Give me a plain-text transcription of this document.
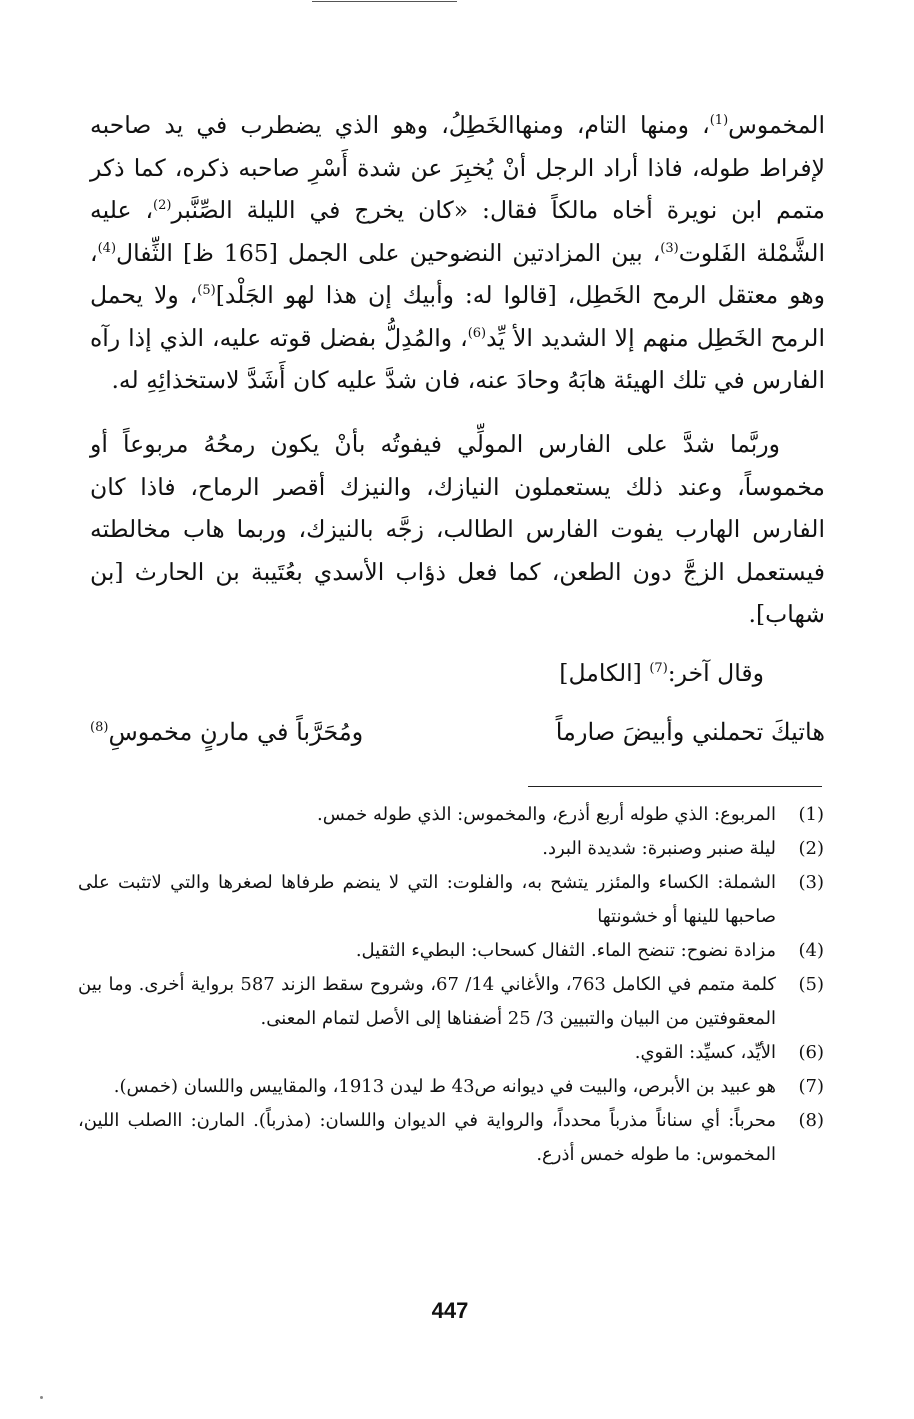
المخموس$^{(1)}$، ومنها التام، ومنهاالخَطِلُ، وهو الذي يضطرب في يد صاحبه لإفراط طوله، فاذا أراد الرجل أنْ يُخبِرَ عن شدة أَسْرِ صاحبه ذكره، كما ذكر متمم ابن نويرة أخاه مالكاً فقال: «كان يخرج في الليلة الصِّنَّبر$^{(2)}$، عليه الشَّمْلة الفَلوت$^{(3)}$، بين المزادتين النضوحين على الجمل [165 ظ] الثِّفال$^{(4)}$، وهو معتقل الرمح الخَطِل، [قالوا له: وأبيك إن هذا لهو الجَلْد]$^{(5)}$، ولا يحمل الرمح الخَطِل منهم إلا الشديد الأ يِّد$^{(6)}$، والمُدِلُّ بفضل قوته عليه، الذي إذا رآه الفارس في تلك الهيئة هابَهُ وحادَ عنه، فان شدَّ عليه كان أَشَدَّ لاستخذائِهِ له.
وربَّما شدَّ على الفارس المولِّي فيفوتُه بأنْ يكون رمحُهُ مربوعاً أو مخموساً، وعند ذلك يستعملون النيازك، والنيزك أقصر الرماح، فاذا كان الفارس الهارب يفوت الفارس الطالب، زجَّه بالنيزك، وربما هاب مخالطته فيستعمل الزجَّ دون الطعن، كما فعل ذؤاب الأسدي بعُتَيبة بن الحارث [بن شهاب].
وقال آخر:$^{(7)}$ [الكامل]
هاتيكَ تحملني وأبيضَ صارماً
ومُحَرَّباً في مارنٍ مخموسِ$^{(8)}$
(1)
المربوع: الذي طوله أربع أذرع، والمخموس: الذي طوله خمس.
(2)
ليلة صنبر وصنبرة: شديدة البرد.
(3)
الشملة: الكساء والمئزر يتشح به، والفلوت: التي لا ينضم طرفاها لصغرها والتي لاتثبت على صاحبها للينها أو خشونتها
(4)
مزادة نضوح: تنضح الماء. الثفال كسحاب: البطيء الثقيل.
(5)
كلمة متمم في الكامل 763، والأغاني 14/ 67، وشروح سقط الزند 587 برواية أخرى. وما بين المعقوفتين من البيان والتبيين 3/ 25 أضفناها إلى الأصل لتمام المعنى.
(6)
الأيِّد، كسيِّد: القوي.
(7)
هو عبيد بن الأبرص، والبيت في ديوانه ص43 ط ليدن 1913، والمقاييس واللسان (خمس).
(8)
محرباً: أي سناناً مذرباً محدداً، والرواية في الديوان واللسان: (مذرباً). المارن: االصلب اللين، المخموس: ما طوله خمس أذرع.
447
